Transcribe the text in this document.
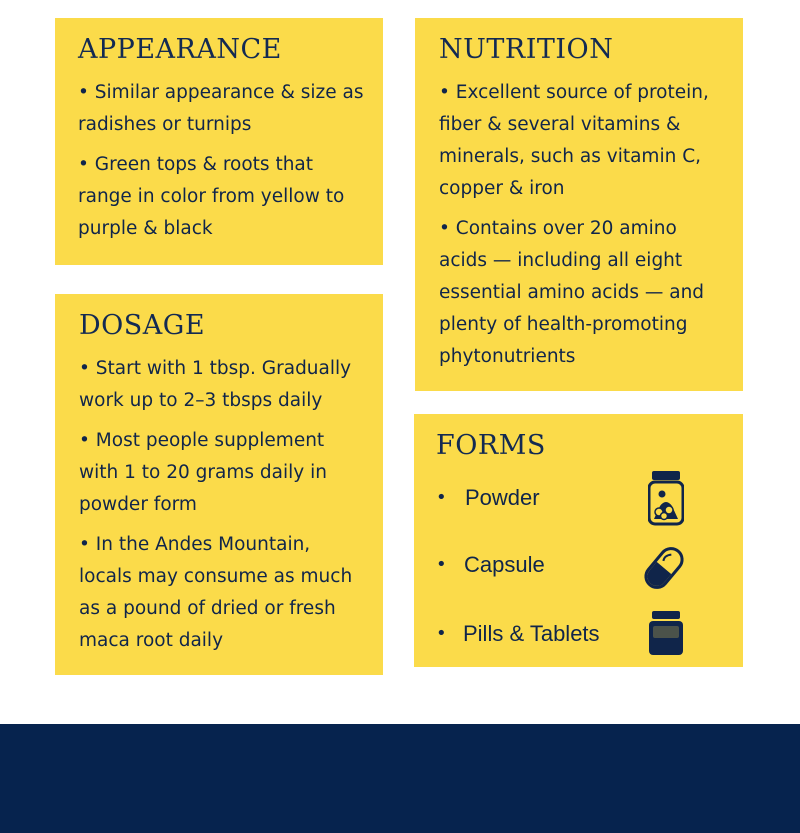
APPEARANCE

• Similar appearance & size as radishes or turnips

• Green tops & roots that range in color from yellow to purple & black

NUTRITION

• Excellent source of protein, fiber & several vitamins & minerals, such as vitamin C, copper & iron

• Contains over 20 amino acids — including all eight essential amino acids — and plenty of health-promoting phytonutrients

DOSAGE

• Start with 1 tbsp. Gradually work up to 2–3 tbsps daily

• Most people supplement with 1 to 20 grams daily in powder form

• In the Andes Mountain, locals may consume as much as a pound of dried or fresh maca root daily

FORMS
• Powder
• Capsule
• Pills & Tablets
